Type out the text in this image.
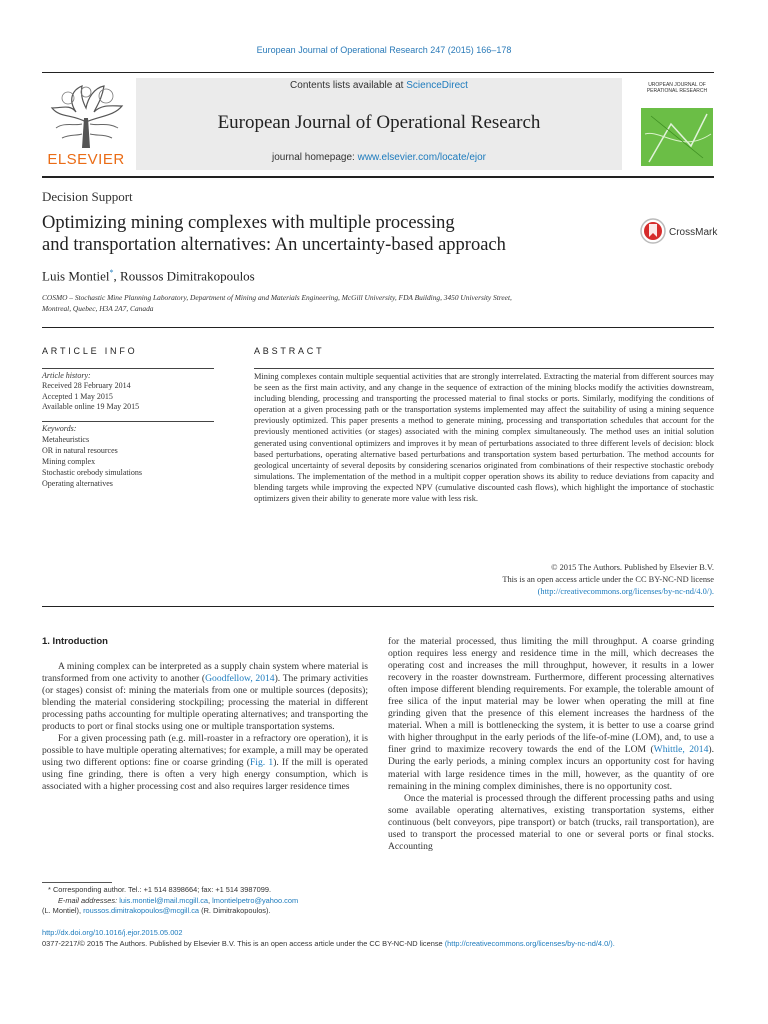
European Journal of Operational Research 247 (2015) 166–178
ELSEVIER
Contents lists available at ScienceDirect
European Journal of Operational Research
journal homepage: www.elsevier.com/locate/ejor
UROPEAN JOURNAL OF PERATIONAL RESEARCH
Decision Support
Optimizing mining complexes with multiple processing
and transportation alternatives: An uncertainty-based approach
CrossMark
Luis Montiel*, Roussos Dimitrakopoulos
COSMO – Stochastic Mine Planning Laboratory, Department of Mining and Materials Engineering, McGill University, FDA Building, 3450 University Street,
Montreal, Quebec, H3A 2A7, Canada
ARTICLE INFO
Article history:
Received 28 February 2014
Accepted 1 May 2015
Available online 19 May 2015
Keywords:
Metaheuristics
OR in natural resources
Mining complex
Stochastic orebody simulations
Operating alternatives
ABSTRACT
Mining complexes contain multiple sequential activities that are strongly interrelated. Extracting the material from different sources may be seen as the first main activity, and any change in the sequence of extraction of the mining blocks modify the activities downstream, including blending, processing and transporting the processed material to final stocks or ports. Similarly, modifying the conditions of operation at a given processing path or the transportation systems implemented may affect the suitability of using a mining sequence previously optimized. This paper presents a method to generate mining, processing and transportation schedules that account for the previously mentioned activities (or stages) associated with the mining complex simultaneously. The method uses an initial solution generated using conventional optimizers and improves it by mean of perturbations associated to three different levels of decision: block based perturbations, operating alternative based perturbations and transportation system based perturbation. The method accounts for geological uncertainty of several deposits by considering scenarios originated from combinations of their respective stochastic orebody simulations. The implementation of the method in a multipit copper operation shows its ability to reduce deviations from capacity and blending targets while improving the expected NPV (cumulative discounted cash flows), which highlight the importance of stochastic optimizers given their ability to generate more value with less risk.
© 2015 The Authors. Published by Elsevier B.V.
This is an open access article under the CC BY-NC-ND license
(http://creativecommons.org/licenses/by-nc-nd/4.0/).
1. Introduction

A mining complex can be interpreted as a supply chain system where material is transformed from one activity to another (Goodfellow, 2014). The primary activities (or stages) consist of: mining the materials from one or multiple sources (deposits); blending the material considering stockpiling; processing the material in different processing paths accounting for multiple operating alternatives; and transporting the products to port or final stocks using one or multiple transportation systems.

For a given processing path (e.g. mill-roaster in a refractory ore operation), it is possible to have multiple operating alternatives; for example, a mill may be operated using two different options: fine or coarse grinding (Fig. 1). If the mill is operated using fine grinding, there is often a very high energy consumption, which is associated with a higher processing cost and also requires larger residence times

for the material processed, thus limiting the mill throughput. A coarse grinding option requires less energy and residence time in the mill, which decreases the operating cost and increases the mill throughput, however, it results in a lower recovery in the roaster downstream. Furthermore, different processing alternatives often impose different blending requirements. For example, the tolerable amount of free silica of the input material may be lower when operating the mill at fine grinding given that the presence of this element increases the hardness of the material. When a mill is bottlenecking the system, it is better to use a coarse grind with higher throughput in the early periods of the life-of-mine (LOM), and, to use a finer grind to maximize recovery towards the end of the LOM (Whittle, 2014). During the early periods, a mining complex incurs an opportunity cost for having material with large residence times in the mill, however, as the quantity of ore remaining in the mining complex diminishes, there is no opportunity cost.

Once the material is processed through the different processing paths and using some available operating alternatives, existing transportation systems, either continuous (belt conveyors, pipe transport) or batch (trucks, rail transportation), are used to transport the processed material to one or several ports or final stocks. Accounting

* Corresponding author. Tel.: +1 514 8398664; fax: +1 514 3987099.
E-mail addresses: luis.montiel@mail.mcgill.ca, lmontielpetro@yahoo.com
(L. Montiel), roussos.dimitrakopoulos@mcgill.ca (R. Dimitrakopoulos).
http://dx.doi.org/10.1016/j.ejor.2015.05.002
0377-2217/© 2015 The Authors. Published by Elsevier B.V. This is an open access article under the CC BY-NC-ND license (http://creativecommons.org/licenses/by-nc-nd/4.0/).
